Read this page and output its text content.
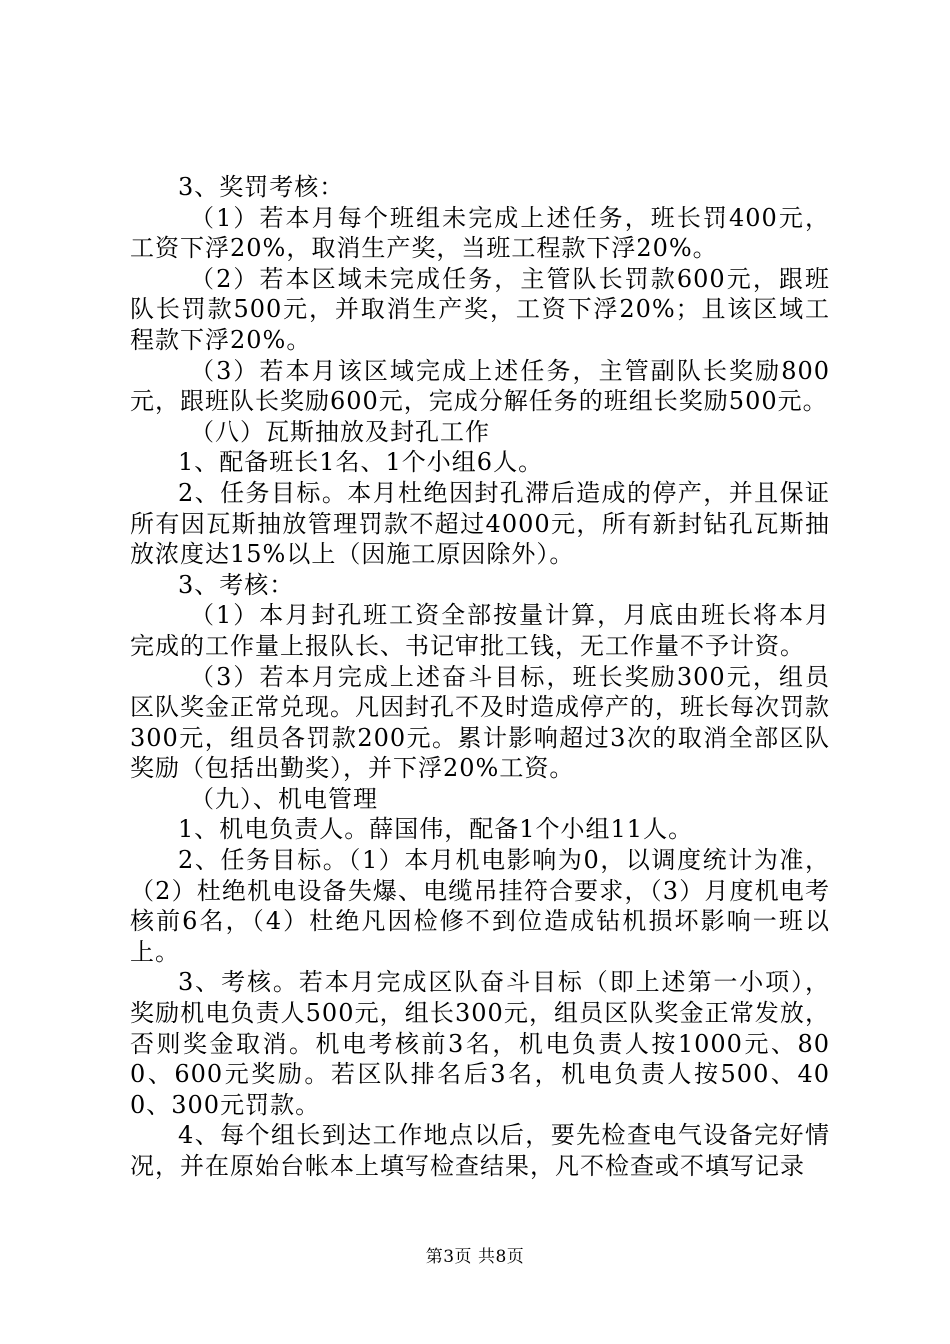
3、奖罚考核：

（1）若本月每个班组未完成上述任务，班长罚400元，工资下浮20%，取消生产奖，当班工程款下浮20%。

（2）若本区域未完成任务，主管队长罚款600元，跟班队长罚款500元，并取消生产奖，工资下浮20%；且该区域工程款下浮20%。

（3）若本月该区域完成上述任务，主管副队长奖励800元，跟班队长奖励600元，完成分解任务的班组长奖励500元。

（八）瓦斯抽放及封孔工作

1、配备班长1名、1个小组6人。

2、任务目标。本月杜绝因封孔滞后造成的停产，并且保证所有因瓦斯抽放管理罚款不超过4000元，所有新封钻孔瓦斯抽放浓度达15%以上（因施工原因除外）。

3、考核：

（1）本月封孔班工资全部按量计算，月底由班长将本月完成的工作量上报队长、书记审批工钱，无工作量不予计资。

（3）若本月完成上述奋斗目标，班长奖励300元，组员区队奖金正常兑现。凡因封孔不及时造成停产的，班长每次罚款300元，组员各罚款200元。累计影响超过3次的取消全部区队奖励（包括出勤奖），并下浮20%工资。

（九）、机电管理

1、机电负责人。薛国伟，配备1个小组11人。

2、任务目标。（1）本月机电影响为0，以调度统计为准，（2）杜绝机电设备失爆、电缆吊挂符合要求，（3）月度机电考核前6名，（4）杜绝凡因检修不到位造成钻机损坏影响一班以上。

3、考核。若本月完成区队奋斗目标（即上述第一小项），奖励机电负责人500元，组长300元，组员区队奖金正常发放，否则奖金取消。机电考核前3名，机电负责人按1000元、800、600元奖励。若区队排名后3名，机电负责人按500、400、300元罚款。

4、每个组长到达工作地点以后，要先检查电气设备完好情况，并在原始台帐本上填写检查结果，凡不检查或不填写记录

第3页 共8页
